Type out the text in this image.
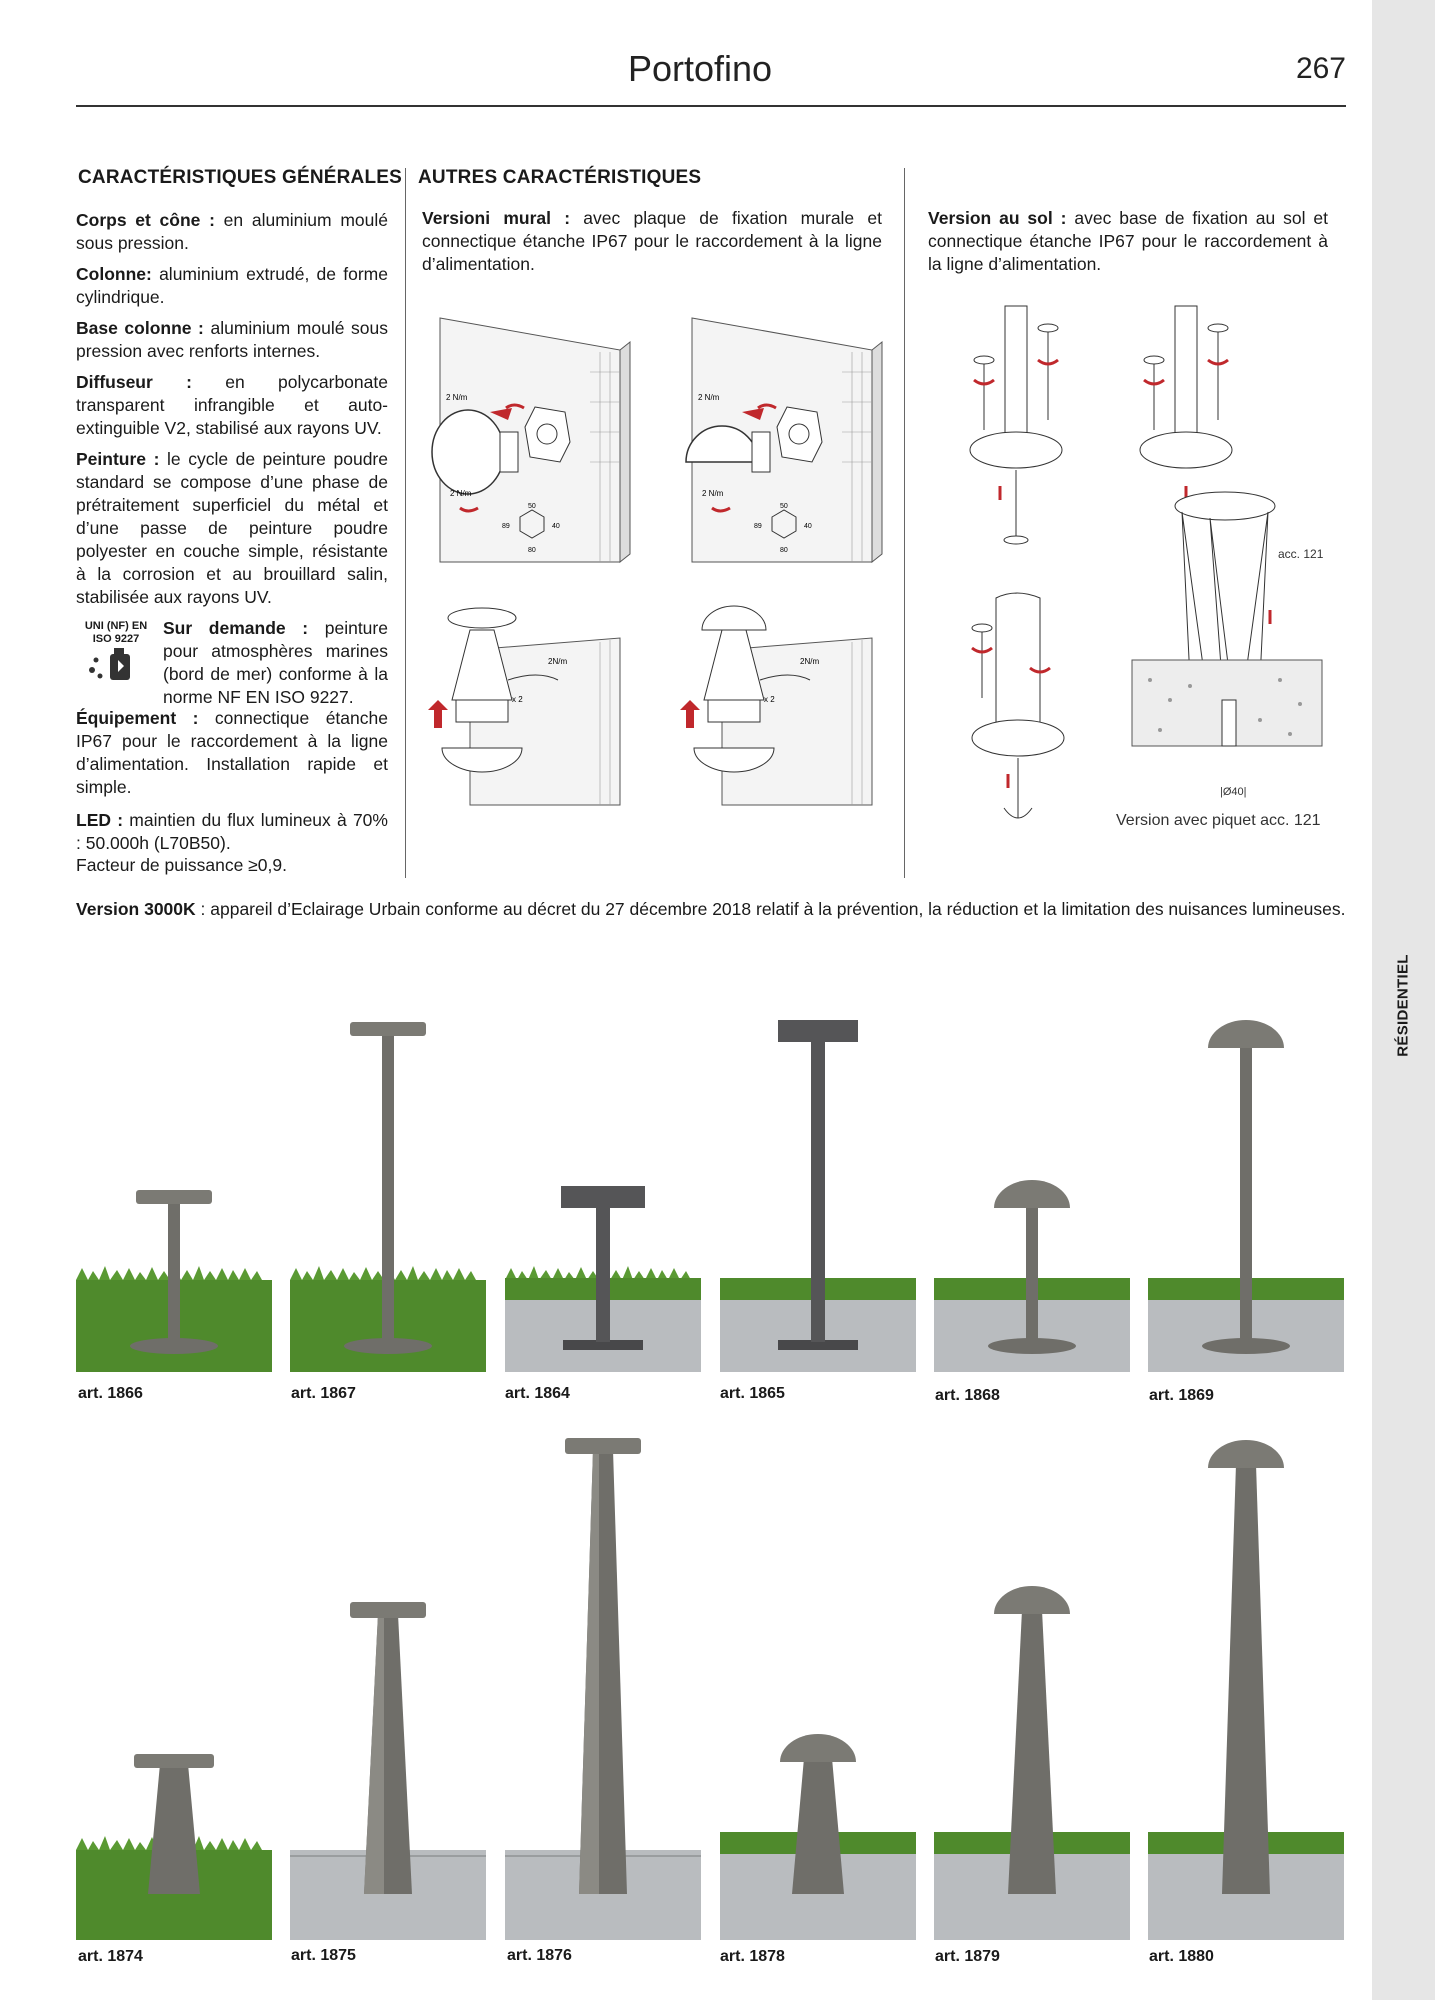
RÉSIDENTIEL
Portofino	267
CARACTÉRISTIQUES GÉNÉRALES

Corps et cône : en aluminium moulé sous pression.

Colonne: aluminium extrudé, de forme cylindrique.

Base colonne : aluminium moulé sous pression avec renforts internes.

Diffuseur : en polycarbonate transparent infrangible et auto-extinguible V2, stabilisé aux rayons UV.

Peinture : le cycle de peinture poudre standard se compose d’une phase de prétraitement superficiel du métal et d’une passe de peinture poudre polyester en couche simple, résistante à la corrosion et au brouillard salin, stabilisée aux rayons UV.

UNI (NF) EN
ISO 9227

Sur demande : peinture pour atmosphères marines (bord de mer) conforme à la norme NF EN ISO 9227.

Équipement : connectique étanche IP67 pour le raccordement à la ligne d’alimentation. Installation rapide et simple.

LED : maintien du flux lumineux à 70% : 50.000h (L70B50).

Facteur de puissance ≥0,9.

AUTRES CARACTÉRISTIQUES

Versioni mural : avec plaque de fixation murale et connectique étanche IP67 pour le raccordement à la ligne d’alimentation.

2 N/m
2 N/m
50
80
40
89
2 N/m
2 N/m
50
80
40
89
2N/m
x 2
2N/m
x 2

Version au sol : avec base de fixation au sol et connectique étanche IP67 pour le raccordement à la ligne d’alimentation.

acc. 121
|Ø40|
Version avec piquet acc. 121

Version 3000K : appareil d’Eclairage Urbain conforme au décret du 27 décembre 2018 relatif à la prévention, la réduction et la limitation des nuisances lumineuses.

art. 1866	art. 1867	art. 1864	art. 1865	art. 1868	art. 1869
art. 1874	art. 1875	art. 1876	art. 1878	art. 1879	art. 1880
